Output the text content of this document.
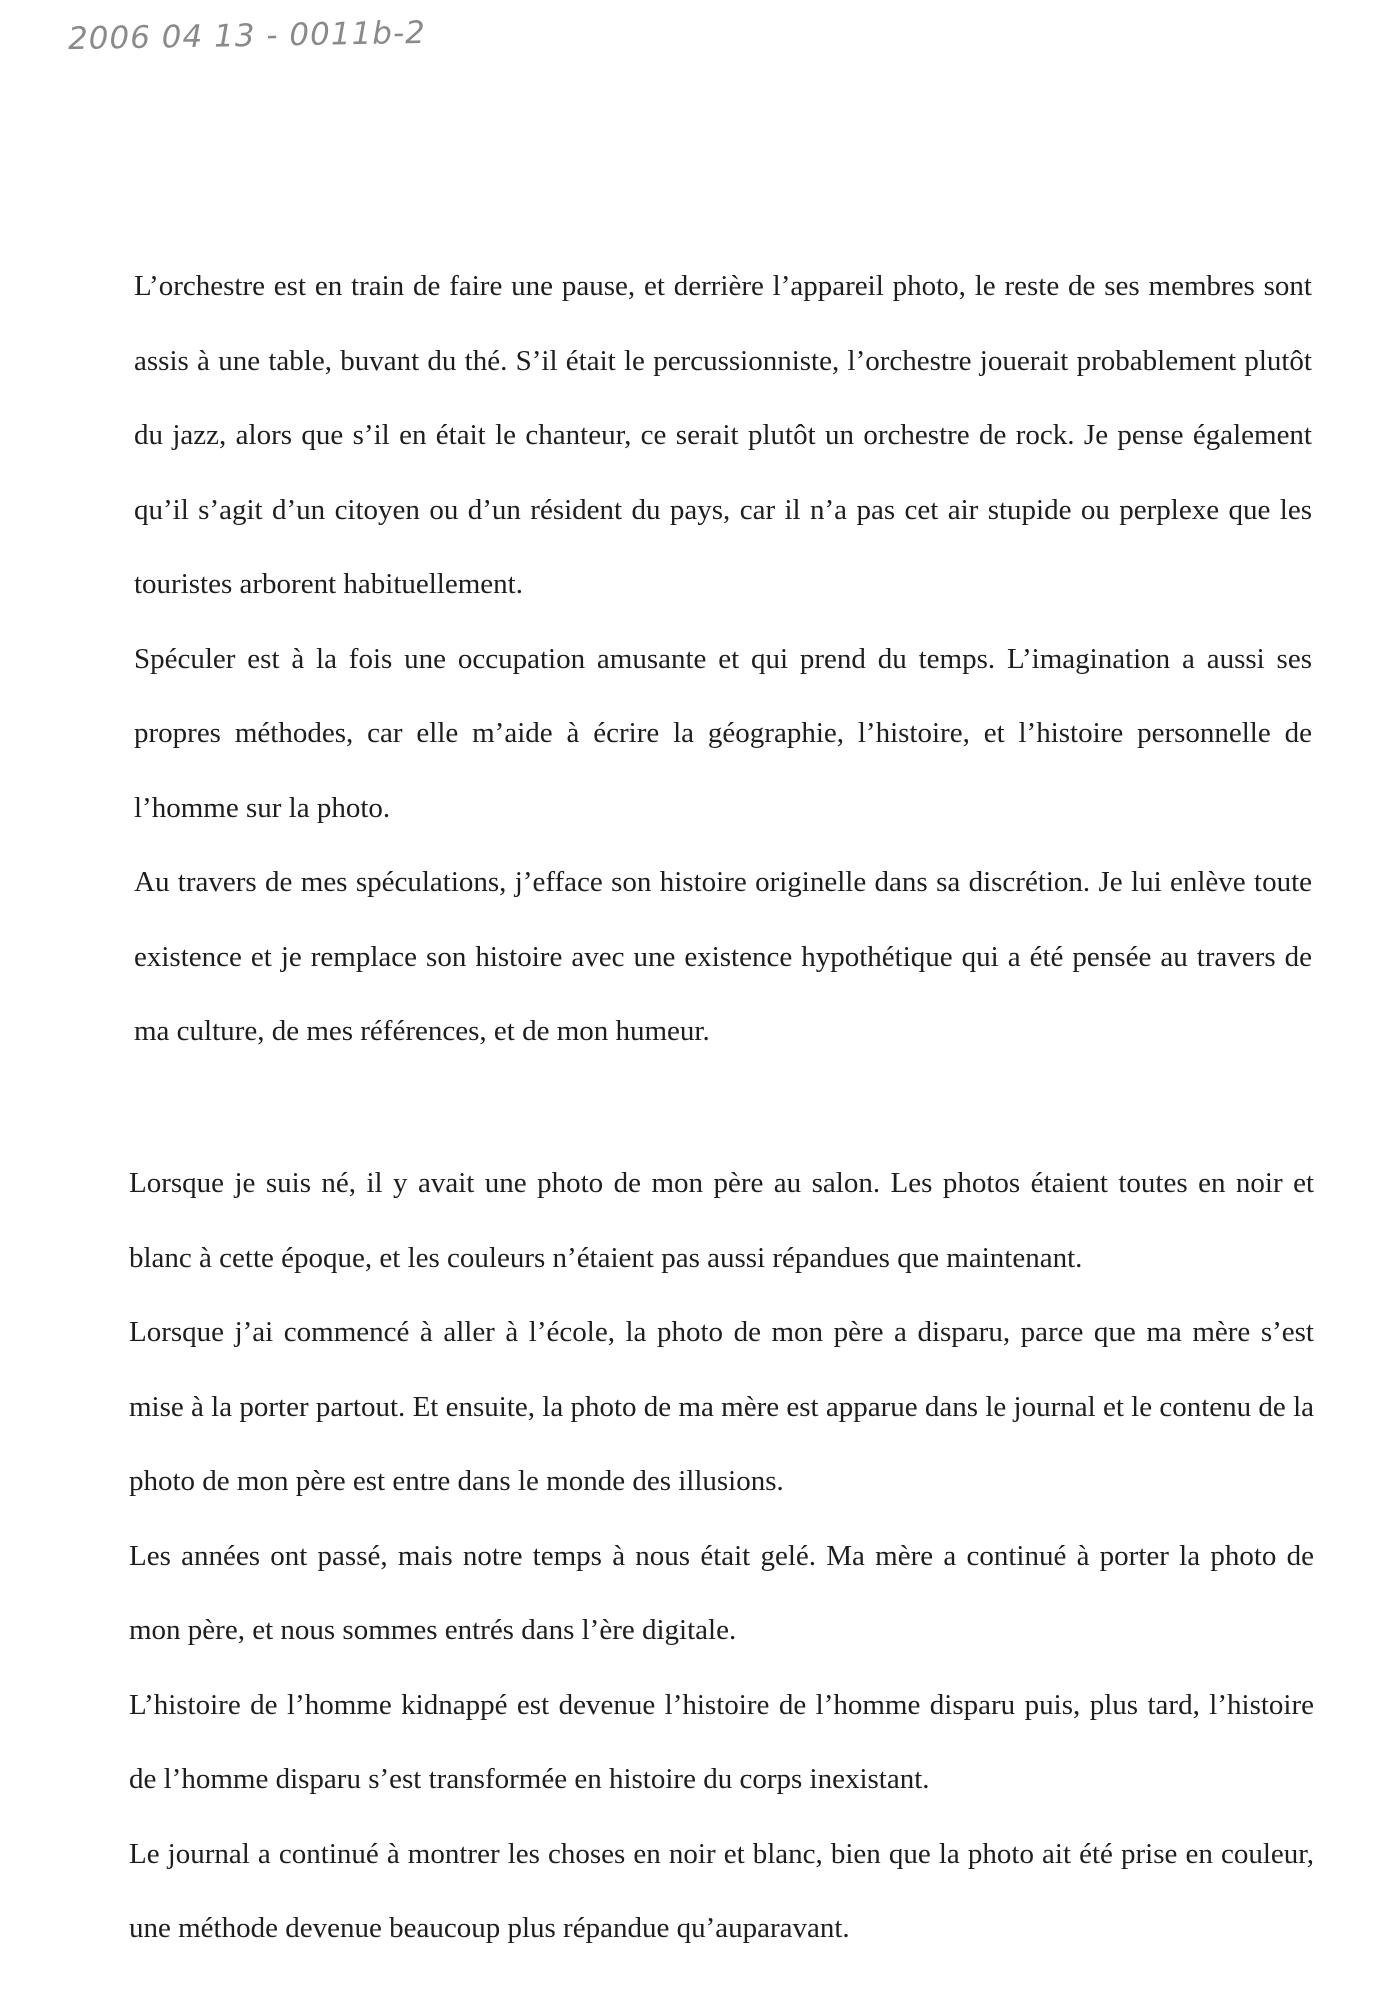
2006 04 13 - 0011b-2

L’orchestre est en train de faire une pause, et derrière l’appareil photo, le reste de ses membres sont assis à une table, buvant du thé. S’il était le percussionniste, l’orchestre jouerait probablement plutôt du jazz, alors que s’il en était le chanteur, ce serait plutôt un orchestre de rock. Je pense également qu’il s’agit d’un citoyen ou d’un résident du pays, car il n’a pas cet air stupide ou perplexe que les touristes arborent habituellement.

Spéculer est à la fois une occupation amusante et qui prend du temps. L’imagination a aussi ses propres méthodes, car elle m’aide à écrire la géographie, l’histoire, et l’histoire personnelle de l’homme sur la photo.

Au travers de mes spéculations, j’efface son histoire originelle dans sa discrétion. Je lui enlève toute existence et je remplace son histoire avec une existence hypothétique qui a été pensée au travers de ma culture, de mes références, et de mon humeur.

Lorsque je suis né, il y avait une photo de mon père au salon. Les photos étaient toutes en noir et blanc à cette époque, et les couleurs n’étaient pas aussi répandues que maintenant.

Lorsque j’ai commencé à aller à l’école, la photo de mon père a disparu, parce que ma mère s’est mise à la porter partout. Et ensuite, la photo de ma mère est apparue dans le journal et le contenu de la photo de mon père est entre dans le monde des illusions.

Les années ont passé, mais notre temps à nous était gelé. Ma mère a continué à porter la photo de mon père, et nous sommes entrés dans l’ère digitale.

L’histoire de l’homme kidnappé est devenue l’histoire de l’homme disparu puis, plus tard, l’histoire de l’homme disparu s’est transformée en histoire du corps inexistant.

Le journal a continué à montrer les choses en noir et blanc, bien que la photo ait été prise en couleur, une méthode devenue beaucoup plus répandue qu’auparavant.
